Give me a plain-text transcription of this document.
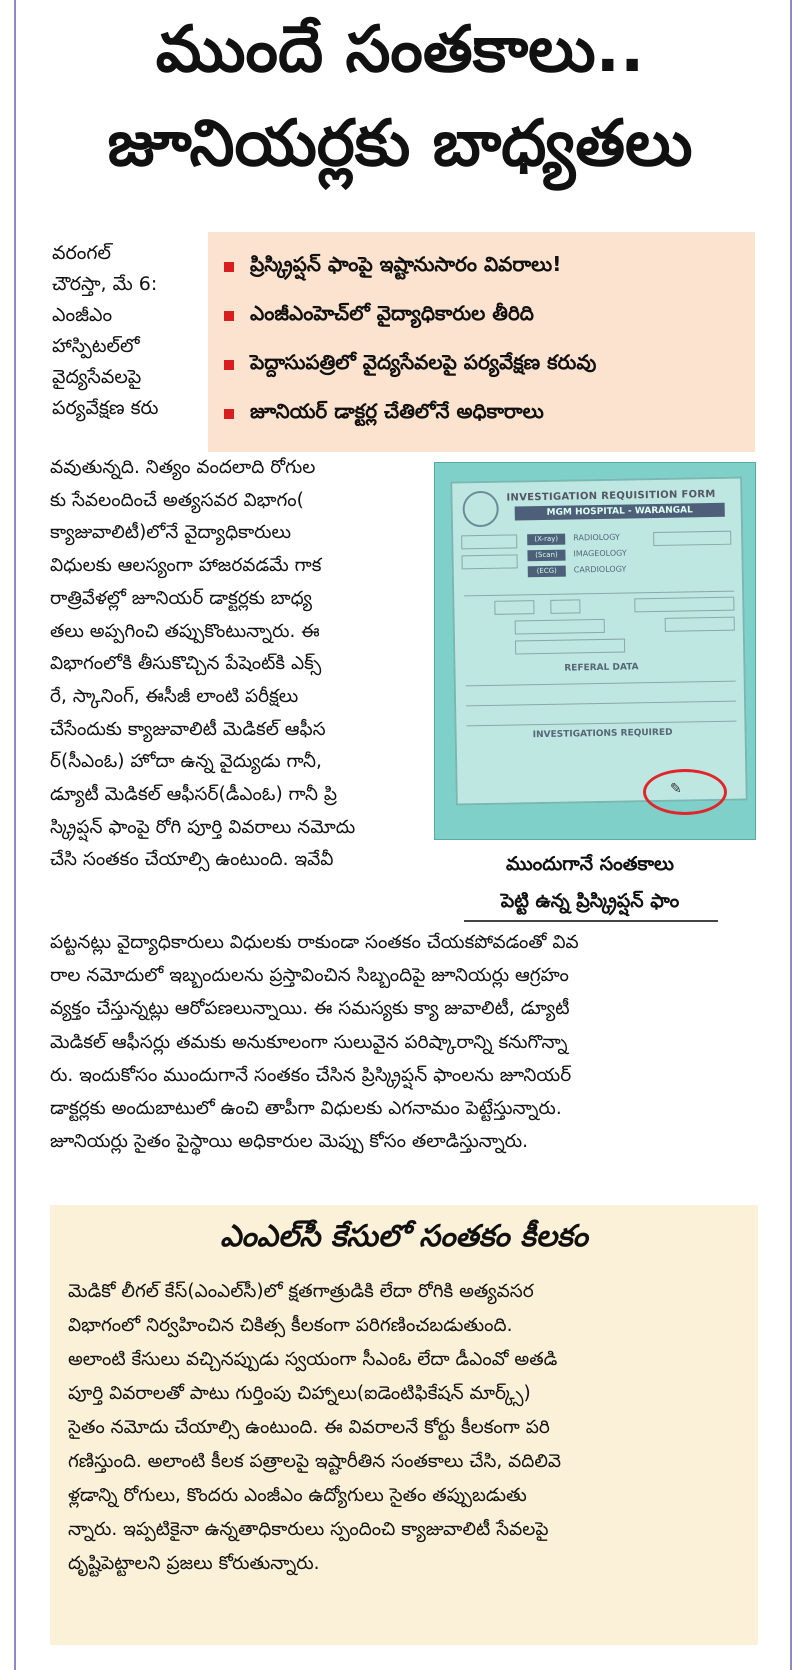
ముందే సంతకాలు..
జూనియర్లకు బాధ్యతలు
వరంగల్
చౌరస్తా, మే 6:
ఎంజీఎం
హాస్పిటల్‌లో
వైద్యసేవలపై
పర్యవేక్షణ కరు
ప్రిస్క్రిప్షన్ ఫాంపై ఇష్టానుసారం వివరాలు!
ఎంజీఎంహెచ్‌లో వైద్యాధికారుల తీరిది
పెద్దాసుపత్రిలో వైద్యసేవలపై పర్యవేక్షణ కరువు
జూనియర్ డాక్టర్ల చేతిలోనే అధికారాలు

వవుతున్నది. నిత్యం వందలాది రోగుల

కు సేవలందించే అత్యసవర విభాగం(

క్యాజువాలిటీ)లోనే వైద్యాధికారులు

విధులకు ఆలస్యంగా హాజరవడమే గాక

రాత్రివేళల్లో జూనియర్ డాక్టర్లకు బాధ్య

తలు అప్పగించి తప్పుకొంటున్నారు. ఈ

విభాగంలోకి తీసుకొచ్చిన పేషెంట్‌కి ఎక్స్

రే, స్కానింగ్, ఈసీజీ లాంటి పరీక్షలు

చేసేందుకు క్యాజువాలిటీ మెడికల్ ఆఫీస

ర్(సీఎంఓ) హోదా ఉన్న వైద్యుడు గానీ,

డ్యూటీ మెడికల్ ఆఫీసర్(డీఎంఓ) గానీ ప్రి

స్క్రిప్షన్ ఫాంపై రోగి పూర్తి వివరాలు నమోదు

చేసి సంతకం చేయాల్సి ఉంటుంది. ఇవేవీ

INVESTIGATION REQUISITION FORM
MGM HOSPITAL - WARANGAL
(X-ray) RADIOLOGY
(Scan) IMAGEOLOGY
(ECG) CARDIOLOGY
REFERAL DATA
INVESTIGATIONS REQUIRED
✎
ముందుగానే సంతకాలు
పెట్టి ఉన్న ప్రిస్క్రిప్షన్ ఫాం

పట్టనట్లు వైద్యాధికారులు విధులకు రాకుండా సంతకం చేయకపోవడంతో వివ

రాల నమోదులో ఇబ్బందులను ప్రస్తావించిన సిబ్బందిపై జూనియర్లు ఆగ్రహం

వ్యక్తం చేస్తున్నట్లు ఆరోపణలున్నాయి. ఈ సమస్యకు క్యా జువాలిటీ, డ్యూటీ

మెడికల్ ఆఫీసర్లు తమకు అనుకూలంగా సులువైన పరిష్కారాన్ని కనుగొన్నా

రు. ఇందుకోసం ముందుగానే సంతకం చేసిన ప్రిస్క్రిప్షన్ ఫాంలను జూనియర్

డాక్టర్లకు అందుబాటులో ఉంచి తాపీగా విధులకు ఎగనామం పెట్టేస్తున్నారు.

జూనియర్లు సైతం పైస్థాయి అధికారుల మెప్పు కోసం తలాడిస్తున్నారు.

ఎంఎల్‌సీ కేసులో సంతకం కీలకం

మెడికో లీగల్ కేస్(ఎంఎల్‌సీ)లో క్షతగాత్రుడికి లేదా రోగికి అత్యవసర

విభాగంలో నిర్వహించిన చికిత్స కీలకంగా పరిగణించబడుతుంది.

అలాంటి కేసులు వచ్చినప్పుడు స్వయంగా సీఎంఓ లేదా డీఎంవో అతడి

పూర్తి వివరాలతో పాటు గుర్తింపు చిహ్నాలు(ఐడెంటిఫికేషన్ మార్క్స్)

సైతం నమోదు చేయాల్సి ఉంటుంది. ఈ వివరాలనే కోర్టు కీలకంగా పరి

గణిస్తుంది. అలాంటి కీలక పత్రాలపై ఇష్టారీతిన సంతకాలు చేసి, వదిలివె

ళ్లడాన్ని రోగులు, కొందరు ఎంజీఎం ఉద్యోగులు సైతం తప్పుబడుతు

న్నారు. ఇప్పటికైనా ఉన్నతాధికారులు స్పందించి క్యాజువాలిటీ సేవలపై

దృష్టిపెట్టాలని ప్రజలు కోరుతున్నారు.
